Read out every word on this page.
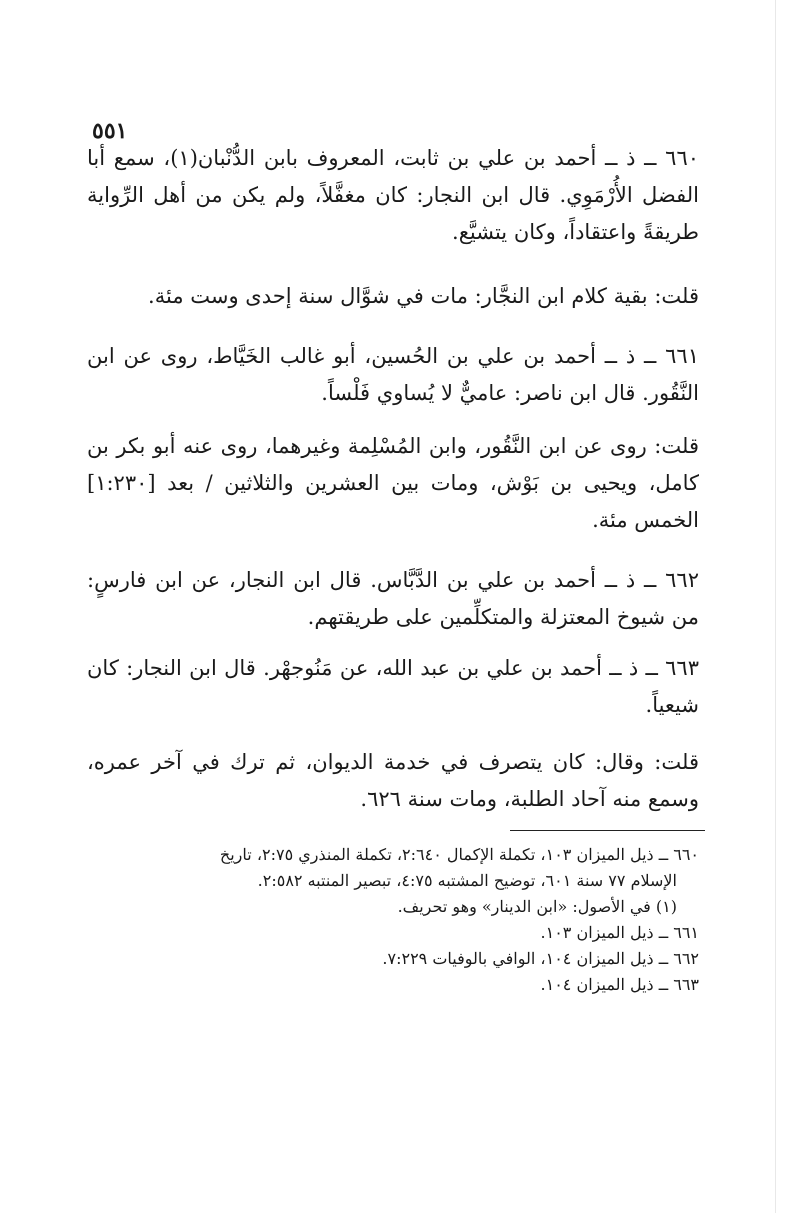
٥٥١

٦٦٠ ــ ذ ــ أحمد بن علي بن ثابت، المعروف بابن الدُّنْبان(١)، سمع أبا الفضل الأُرْمَوِي. قال ابن النجار: كان مغفَّلاً، ولم يكن من أهل الرِّواية طريقةً واعتقاداً، وكان يتشيَّع.

قلت: بقية كلام ابن النجَّار: مات في شوَّال سنة إحدى وست مئة.

٦٦١ ــ ذ ــ أحمد بن علي بن الحُسين، أبو غالب الخَيَّاط، روى عن ابن النَّقُور. قال ابن ناصر: عاميٌّ لا يُساوي فَلْساً.

قلت: روى عن ابن النَّقُور، وابن المُسْلِمة وغيرهما، روى عنه أبو بكر بن كامل، ويحيى بن بَوْش، ومات بين العشرين والثلاثين / بعد [١:٢٣٠] الخمس مئة.

٦٦٢ ــ ذ ــ أحمد بن علي بن الدَّبَّاس. قال ابن النجار، عن ابن فارسٍ: من شيوخ المعتزلة والمتكلِّمين على طريقتهم.

٦٦٣ ــ ذ ــ أحمد بن علي بن عبد الله، عن مَنُوجهْر. قال ابن النجار: كان شيعياً.

قلت: وقال: كان يتصرف في خدمة الديوان، ثم ترك في آخر عمره، وسمع منه آحاد الطلبة، ومات سنة ٦٢٦.

٦٦٠ ــ ذيل الميزان ١٠٣، تكملة الإكمال ٢:٦٤٠، تكملة المنذري ٢:٧٥، تاريخ

الإسلام ٧٧ سنة ٦٠١، توضيح المشتبه ٤:٧٥، تبصير المنتبه ٢:٥٨٢.

(١) في الأصول: «ابن الدينار» وهو تحريف.

٦٦١ ــ ذيل الميزان ١٠٣.

٦٦٢ ــ ذيل الميزان ١٠٤، الوافي بالوفيات ٧:٢٢٩.

٦٦٣ ــ ذيل الميزان ١٠٤.
